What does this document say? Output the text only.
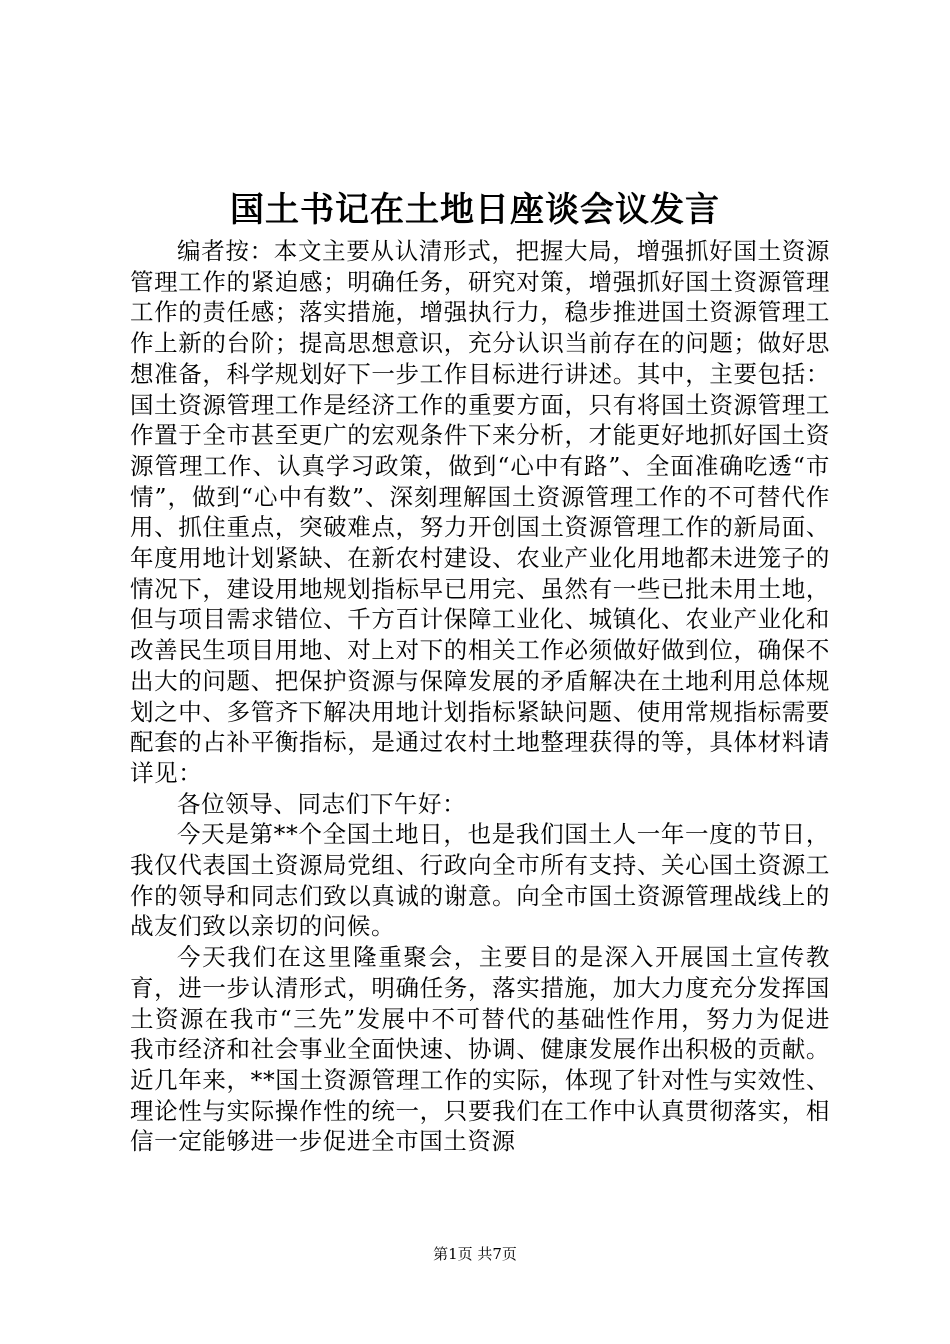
国土书记在土地日座谈会议发言

编者按：本文主要从认清形式，把握大局，增强抓好国土资源管理工作的紧迫感；明确任务，研究对策，增强抓好国土资源管理工作的责任感；落实措施，增强执行力，稳步推进国土资源管理工作上新的台阶；提高思想意识，充分认识当前存在的问题；做好思想准备，科学规划好下一步工作目标进行讲述。其中，主要包括：国土资源管理工作是经济工作的重要方面，只有将国土资源管理工作置于全市甚至更广的宏观条件下来分析，才能更好地抓好国土资源管理工作、认真学习政策，做到“心中有路”、全面准确吃透“市情”，做到“心中有数”、深刻理解国土资源管理工作的不可替代作用、抓住重点，突破难点，努力开创国土资源管理工作的新局面、年度用地计划紧缺、在新农村建设、农业产业化用地都未进笼子的情况下，建设用地规划指标早已用完、虽然有一些已批未用土地，但与项目需求错位、千方百计保障工业化、城镇化、农业产业化和改善民生项目用地、对上对下的相关工作必须做好做到位，确保不出大的问题、把保护资源与保障发展的矛盾解决在土地利用总体规划之中、多管齐下解决用地计划指标紧缺问题、使用常规指标需要配套的占补平衡指标，是通过农村土地整理获得的等，具体材料请详见：

各位领导、同志们下午好：

今天是第**个全国土地日，也是我们国土人一年一度的节日，我仅代表国土资源局党组、行政向全市所有支持、关心国土资源工作的领导和同志们致以真诚的谢意。向全市国土资源管理战线上的战友们致以亲切的问候。

今天我们在这里隆重聚会，主要目的是深入开展国土宣传教育，进一步认清形式，明确任务，落实措施，加大力度充分发挥国土资源在我市“三先”发展中不可替代的基础性作用，努力为促进我市经济和社会事业全面快速、协调、健康发展作出积极的贡献。近几年来，**国土资源管理工作的实际，体现了针对性与实效性、理论性与实际操作性的统一，只要我们在工作中认真贯彻落实，相信一定能够进一步促进全市国土资源

第1页 共7页
